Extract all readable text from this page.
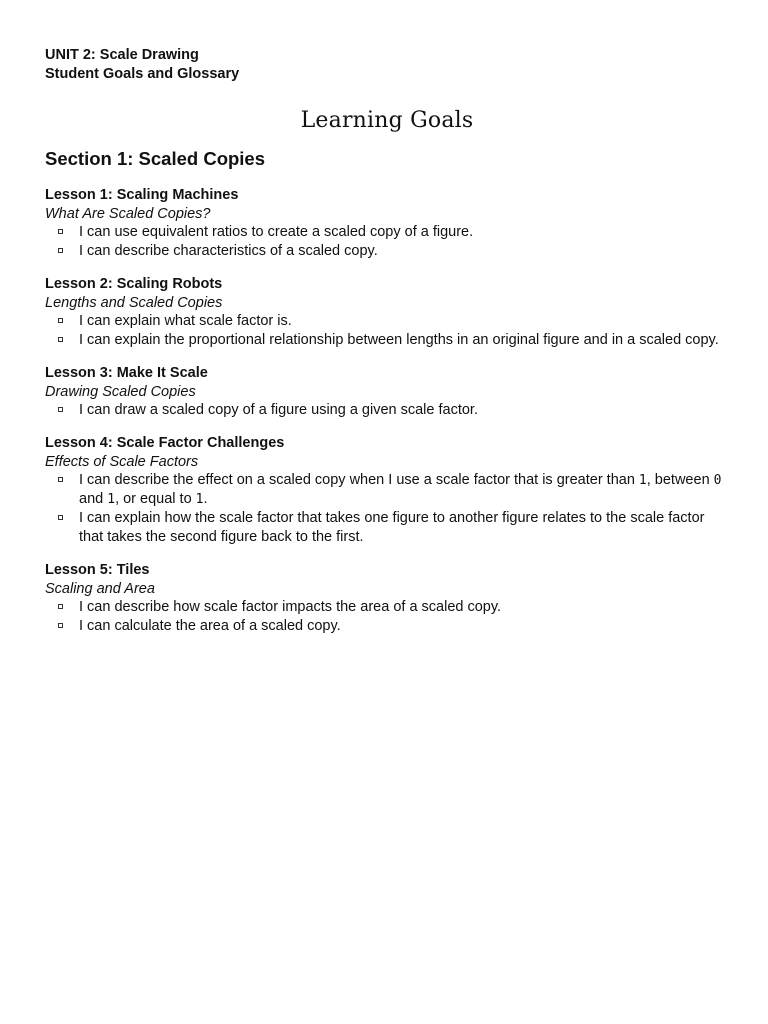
UNIT 2: Scale Drawing
Student Goals and Glossary
Learning Goals
Section 1: Scaled Copies
Lesson 1: Scaling Machines
What Are Scaled Copies?
I can use equivalent ratios to create a scaled copy of a figure.
I can describe characteristics of a scaled copy.
Lesson 2: Scaling Robots
Lengths and Scaled Copies
I can explain what scale factor is.
I can explain the proportional relationship between lengths in an original figure and in a scaled copy.
Lesson 3: Make It Scale
Drawing Scaled Copies
I can draw a scaled copy of a figure using a given scale factor.
Lesson 4: Scale Factor Challenges
Effects of Scale Factors
I can describe the effect on a scaled copy when I use a scale factor that is greater than 1, between 0 and 1, or equal to 1.
I can explain how the scale factor that takes one figure to another figure relates to the scale factor that takes the second figure back to the first.
Lesson 5: Tiles
Scaling and Area
I can describe how scale factor impacts the area of a scaled copy.
I can calculate the area of a scaled copy.
